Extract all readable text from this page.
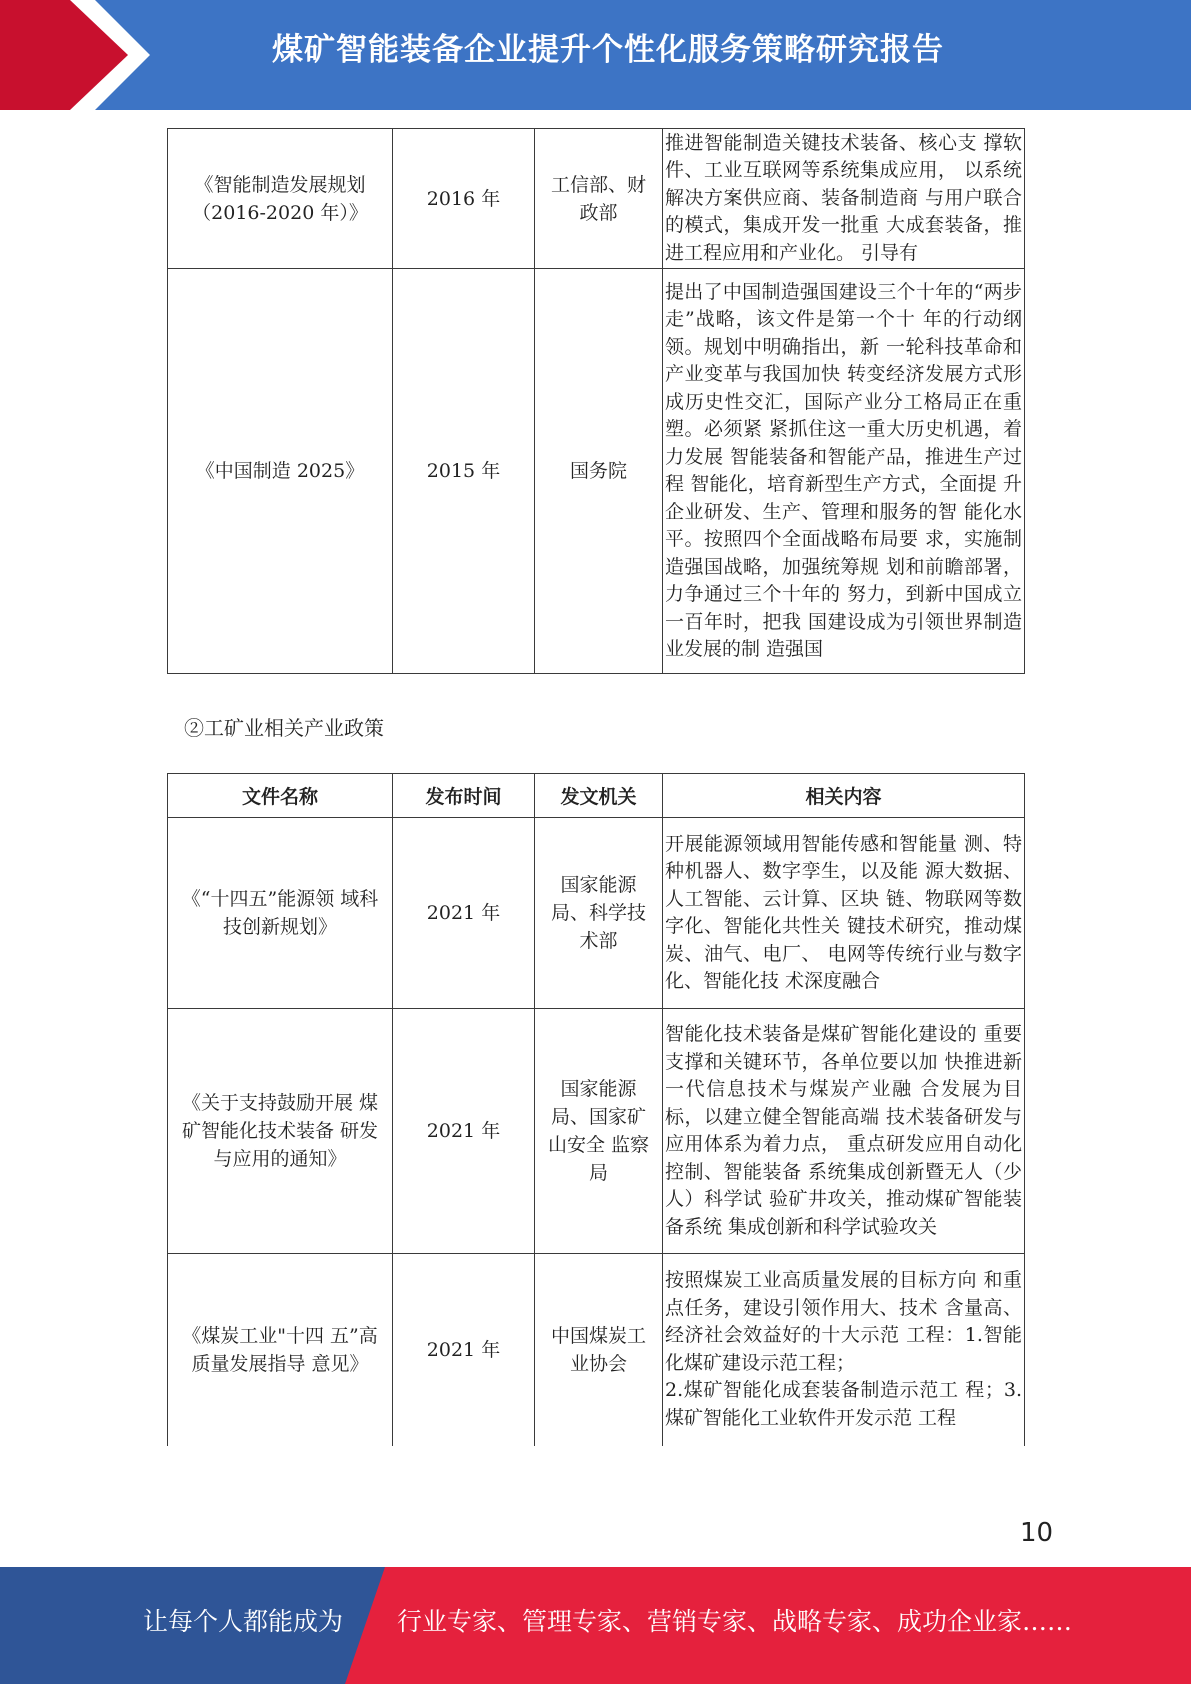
煤矿智能装备企业提升个性化服务策略研究报告
《智能制造发展规划（2016-2020 年）》	2016 年	工信部、财政部	推进智能制造关键技术装备、核心支 撑软件、工业互联网等系统集成应用， 以系统解决方案供应商、装备制造商 与用户联合的模式，集成开发一批重 大成套装备，推进工程应用和产业化。 引导有
《中国制造 2025》	2015 年	国务院	提出了中国制造强国建设三个十年的“两步走”战略，该文件是第一个十 年的行动纲领。规划中明确指出，新 一轮科技革命和产业变革与我国加快 转变经济发展方式形成历史性交汇，国际产业分工格局正在重塑。必须紧 紧抓住这一重大历史机遇，着力发展 智能装备和智能产品，推进生产过程 智能化，培育新型生产方式，全面提 升企业研发、生产、管理和服务的智 能化水平。按照四个全面战略布局要 求，实施制造强国战略，加强统筹规 划和前瞻部署，力争通过三个十年的 努力，到新中国成立一百年时，把我 国建设成为引领世界制造业发展的制 造强国
②工矿业相关产业政策
文件名称	发布时间	发文机关	相关内容
《“十四五”能源领 域科技创新规划》	2021 年	国家能源局、科学技术部	开展能源领域用智能传感和智能量 测、特种机器人、数字孪生，以及能 源大数据、人工智能、云计算、区块 链、物联网等数字化、智能化共性关 键技术研究，推动煤炭、油气、电厂、 电网等传统行业与数字化、智能化技 术深度融合
《关于支持鼓励开展 煤矿智能化技术装备 研发与应用的通知》	2021 年	国家能源局、国家矿山安全 监察局	智能化技术装备是煤矿智能化建设的 重要支撑和关键环节，各单位要以加 快推进新一代信息技术与煤炭产业融 合发展为目标，以建立健全智能高端 技术装备研发与应用体系为着力点， 重点研发应用自动化控制、智能装备 系统集成创新暨无人（少人）科学试 验矿井攻关，推动煤矿智能装备系统 集成创新和科学试验攻关
《煤炭工业"十四 五”高质量发展指导 意见》	2021 年	中国煤炭工业协会	按照煤炭工业高质量发展的目标方向 和重点任务，建设引领作用大、技术 含量高、经济社会效益好的十大示范 工程：1.智能化煤矿建设示范工程；
2.煤矿智能化成套装备制造示范工 程；3.煤矿智能化工业软件开发示范 工程
10
让每个人都能成为 行业专家、管理专家、营销专家、战略专家、成功企业家……
